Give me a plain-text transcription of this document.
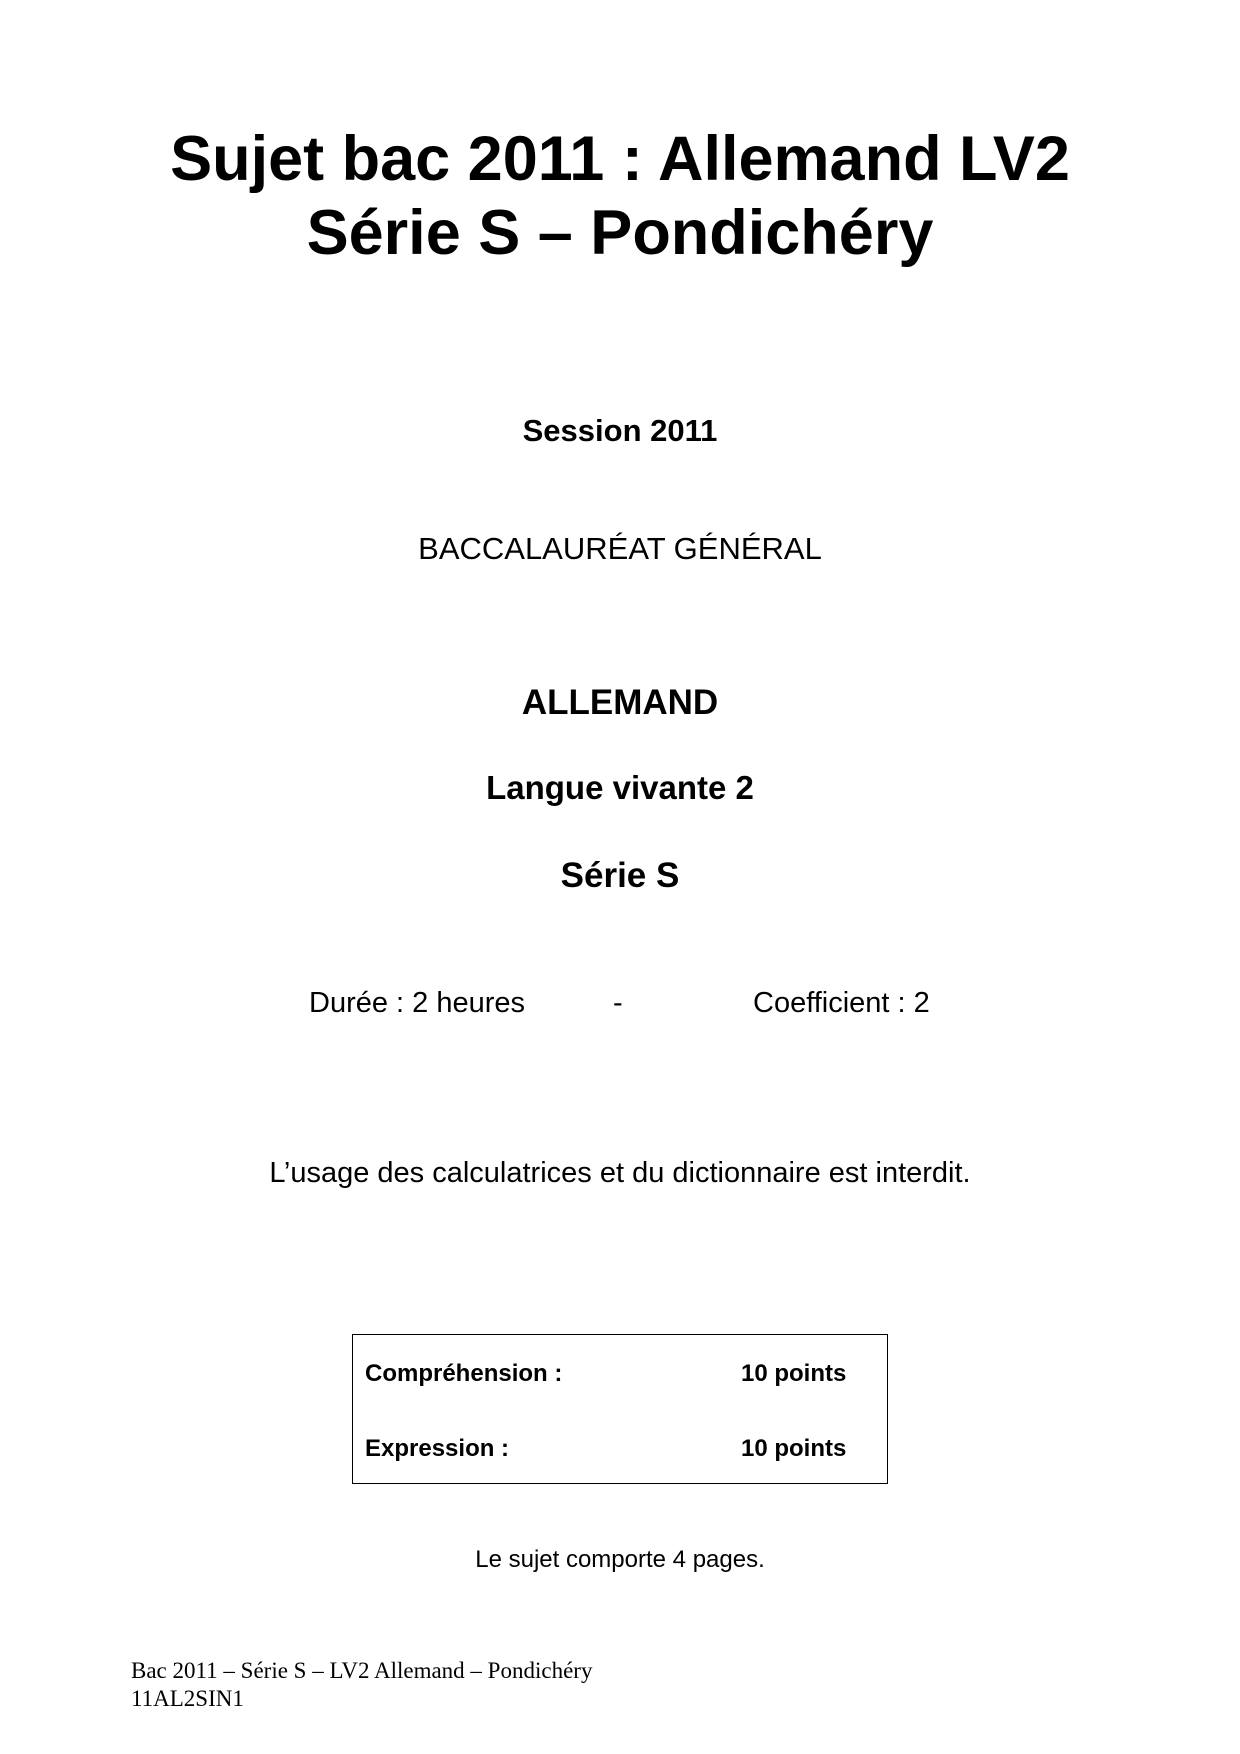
Sujet bac 2011 : Allemand LV2
Série S – Pondichéry
Session 2011
BACCALAURÉAT GÉNÉRAL
ALLEMAND
Langue vivante 2
Série S
Durée : 2 heures	-	Coefficient : 2
L’usage des calculatrices et du dictionnaire est interdit.
Compréhension :	10 points
Expression :	10 points
Le sujet comporte 4 pages.
Bac 2011 – Série S – LV2 Allemand – Pondichéry
11AL2SIN1
